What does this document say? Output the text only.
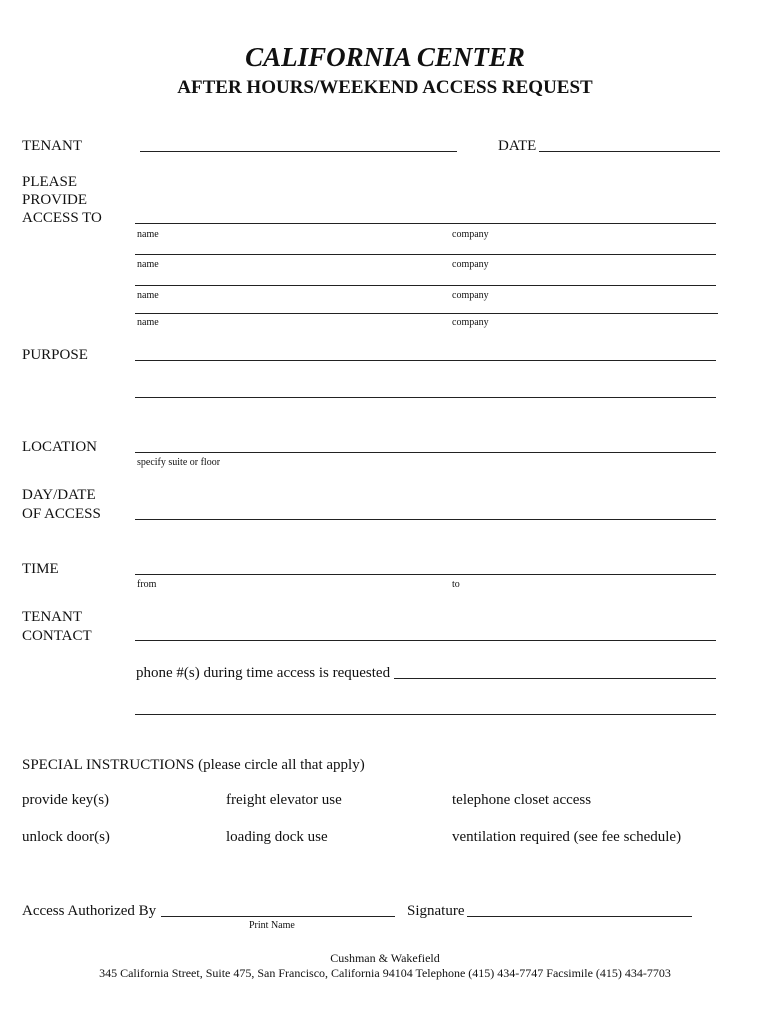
CALIFORNIA CENTER
AFTER HOURS/WEEKEND ACCESS REQUEST
TENANT	DATE
PLEASE
PROVIDE
ACCESS TO
name	company
name	company
name	company
name	company
PURPOSE
LOCATION
specify suite or floor
DAY/DATE
OF ACCESS
TIME
from	to
TENANT
CONTACT
phone #(s) during time access is requested
SPECIAL INSTRUCTIONS (please circle all that apply)
provide key(s)	freight elevator use	telephone closet access
unlock door(s)	loading dock use	ventilation required (see fee schedule)
Access Authorized By
Print Name
Signature
Cushman & Wakefield
345 California Street, Suite 475, San Francisco, California 94104 Telephone (415) 434-7747 Facsimile (415) 434-7703
